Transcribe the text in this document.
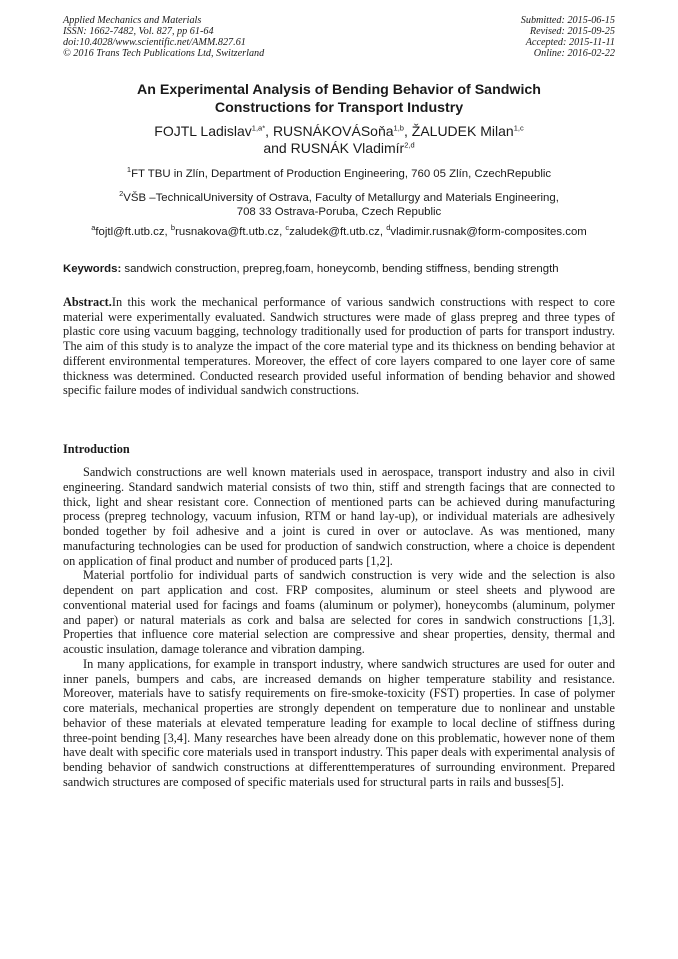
Applied Mechanics and Materials
ISSN: 1662-7482, Vol. 827, pp 61-64
doi:10.4028/www.scientific.net/AMM.827.61
© 2016 Trans Tech Publications Ltd, Switzerland
Submitted: 2015-06-15
Revised: 2015-09-25
Accepted: 2015-11-11
Online: 2016-02-22
An Experimental Analysis of Bending Behavior of Sandwich
Constructions for Transport Industry
FOJTL Ladislav$^{1,a*}$, RUSNÁKOVÁSoňa$^{1,b}$, ŽALUDEK Milan$^{1,c}$
and RUSNÁK Vladimír$^{2,d}$
$^1$FT TBU in Zlín, Department of Production Engineering, 760 05 Zlín, CzechRepublic
$^2$VŠB –TechnicalUniversity of Ostrava, Faculty of Metallurgy and Materials Engineering,
708 33 Ostrava-Poruba, Czech Republic
$^a$fojtl@ft.utb.cz, $^b$rusnakova@ft.utb.cz, $^c$zaludek@ft.utb.cz, $^d$vladimir.rusnak@form-composites.com
Keywords: sandwich construction, prepreg,foam, honeycomb, bending stiffness, bending strength
Abstract.In this work the mechanical performance of various sandwich constructions with respect to core material were experimentally evaluated. Sandwich structures were made of glass prepreg and three types of plastic core using vacuum bagging, technology traditionally used for production of parts for transport industry. The aim of this study is to analyze the impact of the core material type and its thickness on bending behavior at different environmental temperatures. Moreover, the effect of core layers compared to one layer core of same thickness was determined. Conducted research provided useful information of bending behavior and showed specific failure modes of individual sandwich constructions.
Introduction

Sandwich constructions are well known materials used in aerospace, transport industry and also in civil engineering. Standard sandwich material consists of two thin, stiff and strength facings that are connected to thick, light and shear resistant core. Connection of mentioned parts can be achieved during manufacturing process (prepreg technology, vacuum infusion, RTM or hand lay-up), or individual materials are adhesively bonded together by foil adhesive and a joint is cured in over or autoclave. As was mentioned, many manufacturing technologies can be used for production of sandwich construction, where a choice is dependent on application of final product and number of produced parts [1,2].

Material portfolio for individual parts of sandwich construction is very wide and the selection is also dependent on part application and cost. FRP composites, aluminum or steel sheets and plywood are conventional material used for facings and foams (aluminum or polymer), honeycombs (aluminum, polymer and paper) or natural materials as cork and balsa are selected for cores in sandwich constructions [1,3]. Properties that influence core material selection are compressive and shear properties, density, thermal and acoustic insulation, damage tolerance and vibration damping.

In many applications, for example in transport industry, where sandwich structures are used for outer and inner panels, bumpers and cabs, are increased demands on higher temperature stability and resistance. Moreover, materials have to satisfy requirements on fire-smoke-toxicity (FST) properties. In case of polymer core materials, mechanical properties are strongly dependent on temperature due to nonlinear and unstable behavior of these materials at elevated temperature leading for example to local decline of stiffness during three-point bending [3,4]. Many researches have been already done on this problematic, however none of them have dealt with specific core materials used in transport industry. This paper deals with experimental analysis of bending behavior of sandwich constructions at differenttemperatures of surrounding environment. Prepared sandwich structures are composed of specific materials used for structural parts in rails and busses[5].
